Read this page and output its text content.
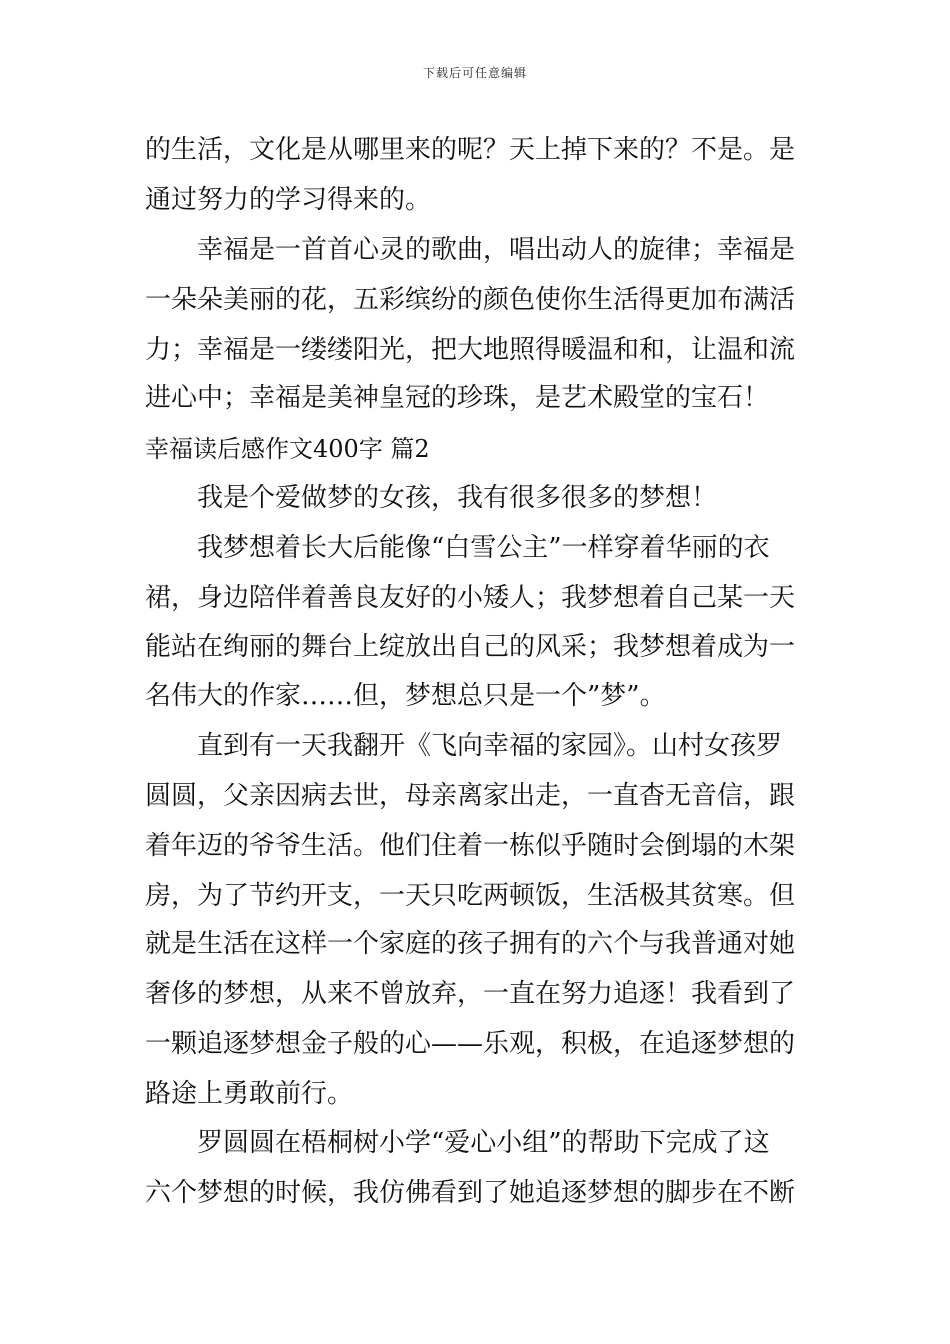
下载后可任意编辑
的生活，文化是从哪里来的呢？天上掉下来的？不是。是
通过努力的学习得来的。
幸福是一首首心灵的歌曲，唱出动人的旋律；幸福是
一朵朵美丽的花，五彩缤纷的颜色使你生活得更加布满活
力；幸福是一缕缕阳光，把大地照得暖温和和，让温和流
进心中；幸福是美神皇冠的珍珠，是艺术殿堂的宝石！
幸福读后感作文400字 篇2
我是个爱做梦的女孩，我有很多很多的梦想！
我梦想着长大后能像“白雪公主”一样穿着华丽的衣
裙，身边陪伴着善良友好的小矮人；我梦想着自己某一天
能站在绚丽的舞台上绽放出自己的风采；我梦想着成为一
名伟大的作家……但，梦想总只是一个”梦”。
直到有一天我翻开《飞向幸福的家园》。山村女孩罗
圆圆，父亲因病去世，母亲离家出走，一直杳无音信，跟
着年迈的爷爷生活。他们住着一栋似乎随时会倒塌的木架
房，为了节约开支，一天只吃两顿饭，生活极其贫寒。但
就是生活在这样一个家庭的孩子拥有的六个与我普通对她
奢侈的梦想，从来不曾放弃，一直在努力追逐！我看到了
一颗追逐梦想金子般的心——乐观，积极，在追逐梦想的
路途上勇敢前行。
罗圆圆在梧桐树小学“爱心小组”的帮助下完成了这
六个梦想的时候，我仿佛看到了她追逐梦想的脚步在不断
